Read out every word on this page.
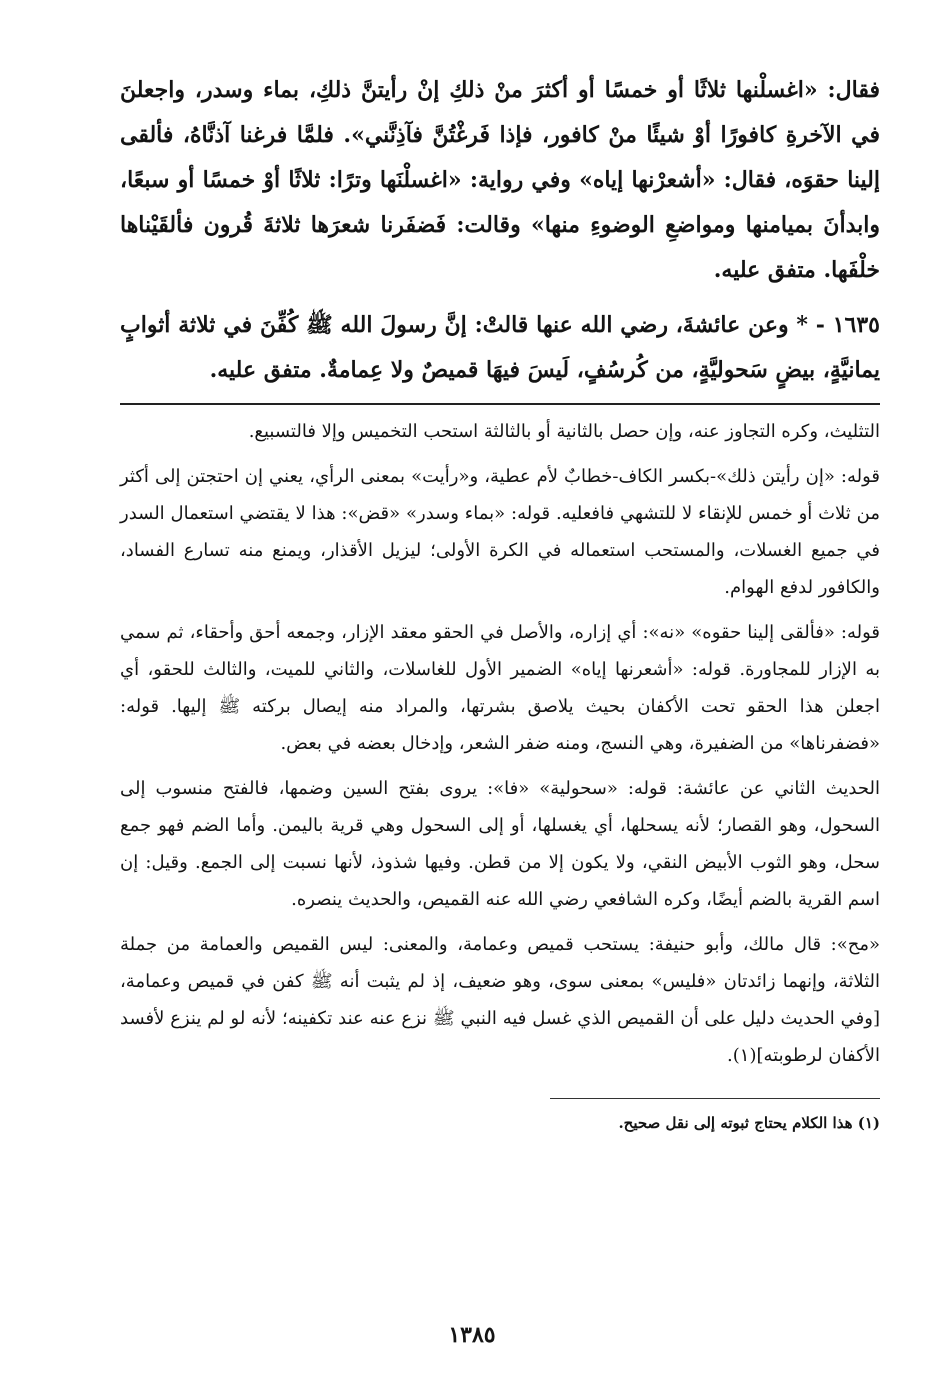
فقال: «اغسلْنها ثلاثًا أو خمسًا أو أكثرَ منْ ذلكِ إنْ رأيتنَّ ذلكِ، بماء وسدر، واجعلنَ في الآخرةِ كافورًا أوْ شيئًا منْ كافور، فإذا فَرغْتُنَّ فآذِنَّني». فلمَّا فرغنا آذنَّاهُ، فألقى إلينا حقوَه، فقال: «أشعرْنها إياه» وفي رواية: «اغسلْنَها وترًا: ثلاثًا أوْ خمسًا أو سبعًا، وابدأنَ بميامنها ومواضعِ الوضوءِ منها» وقالت: فَضفَرنا شعرَها ثلاثةَ قُرون فألقَيْناها خلْفَها. متفق عليه.

١٦٣٥ - * وعن عائشةَ، رضي الله عنها قالتْ: إنَّ رسولَ الله ﷺ كُفِّنَ في ثلاثة أثوابٍ يمانيَّةٍ، بيضٍ سَحوليَّةٍ، من كُرسُفٍ، لَيسَ فيهَا قميصٌ ولا عِمامةٌ. متفق عليه.

التثليث، وكره التجاوز عنه، وإن حصل بالثانية أو بالثالثة استحب التخميس وإلا فالتسبيع.

قوله: «إن رأيتن ذلك»-بكسر الكاف-خطابٌ لأم عطية، و«رأيت» بمعنى الرأي، يعني إن احتجتن إلى أكثر من ثلاث أو خمس للإنقاء لا للتشهي فافعليه. قوله: «بماء وسدر» «قض»: هذا لا يقتضي استعمال السدر في جميع الغسلات، والمستحب استعماله في الكرة الأولى؛ ليزيل الأقذار، ويمنع منه تسارع الفساد، والكافور لدفع الهوام.

قوله: «فألقى إلينا حقوه» «نه»: أي إزاره، والأصل في الحقو معقد الإزار، وجمعه أحق وأحقاء، ثم سمي به الإزار للمجاورة. قوله: «أشعرنها إياه» الضمير الأول للغاسلات، والثاني للميت، والثالث للحقو، أي اجعلن هذا الحقو تحت الأكفان بحيث يلاصق بشرتها، والمراد منه إيصال بركته ﷺ إليها. قوله: «فضفرناها» من الضفيرة، وهي النسج، ومنه ضفر الشعر، وإدخال بعضه في بعض.

الحديث الثاني عن عائشة: قوله: «سحولية» «فا»: يروى بفتح السين وضمها، فالفتح منسوب إلى السحول، وهو القصار؛ لأنه يسحلها، أي يغسلها، أو إلى السحول وهي قرية باليمن. وأما الضم فهو جمع سحل، وهو الثوب الأبيض النقي، ولا يكون إلا من قطن. وفيها شذوذ، لأنها نسبت إلى الجمع. وقيل: إن اسم القرية بالضم أيضًا، وكره الشافعي رضي الله عنه القميص، والحديث ينصره.

«مح»: قال مالك، وأبو حنيفة: يستحب قميص وعمامة، والمعنى: ليس القميص والعمامة من جملة الثلاثة، وإنهما زائدتان «فليس» بمعنى سوى، وهو ضعيف، إذ لم يثبت أنه ﷺ كفن في قميص وعمامة، [وفي الحديث دليل على أن القميص الذي غسل فيه النبي ﷺ نزع عنه عند تكفينه؛ لأنه لو لم ينزع لأفسد الأكفان لرطوبته](١).

(١) هذا الكلام يحتاج ثبوته إلى نقل صحيح.

١٣٨٥
